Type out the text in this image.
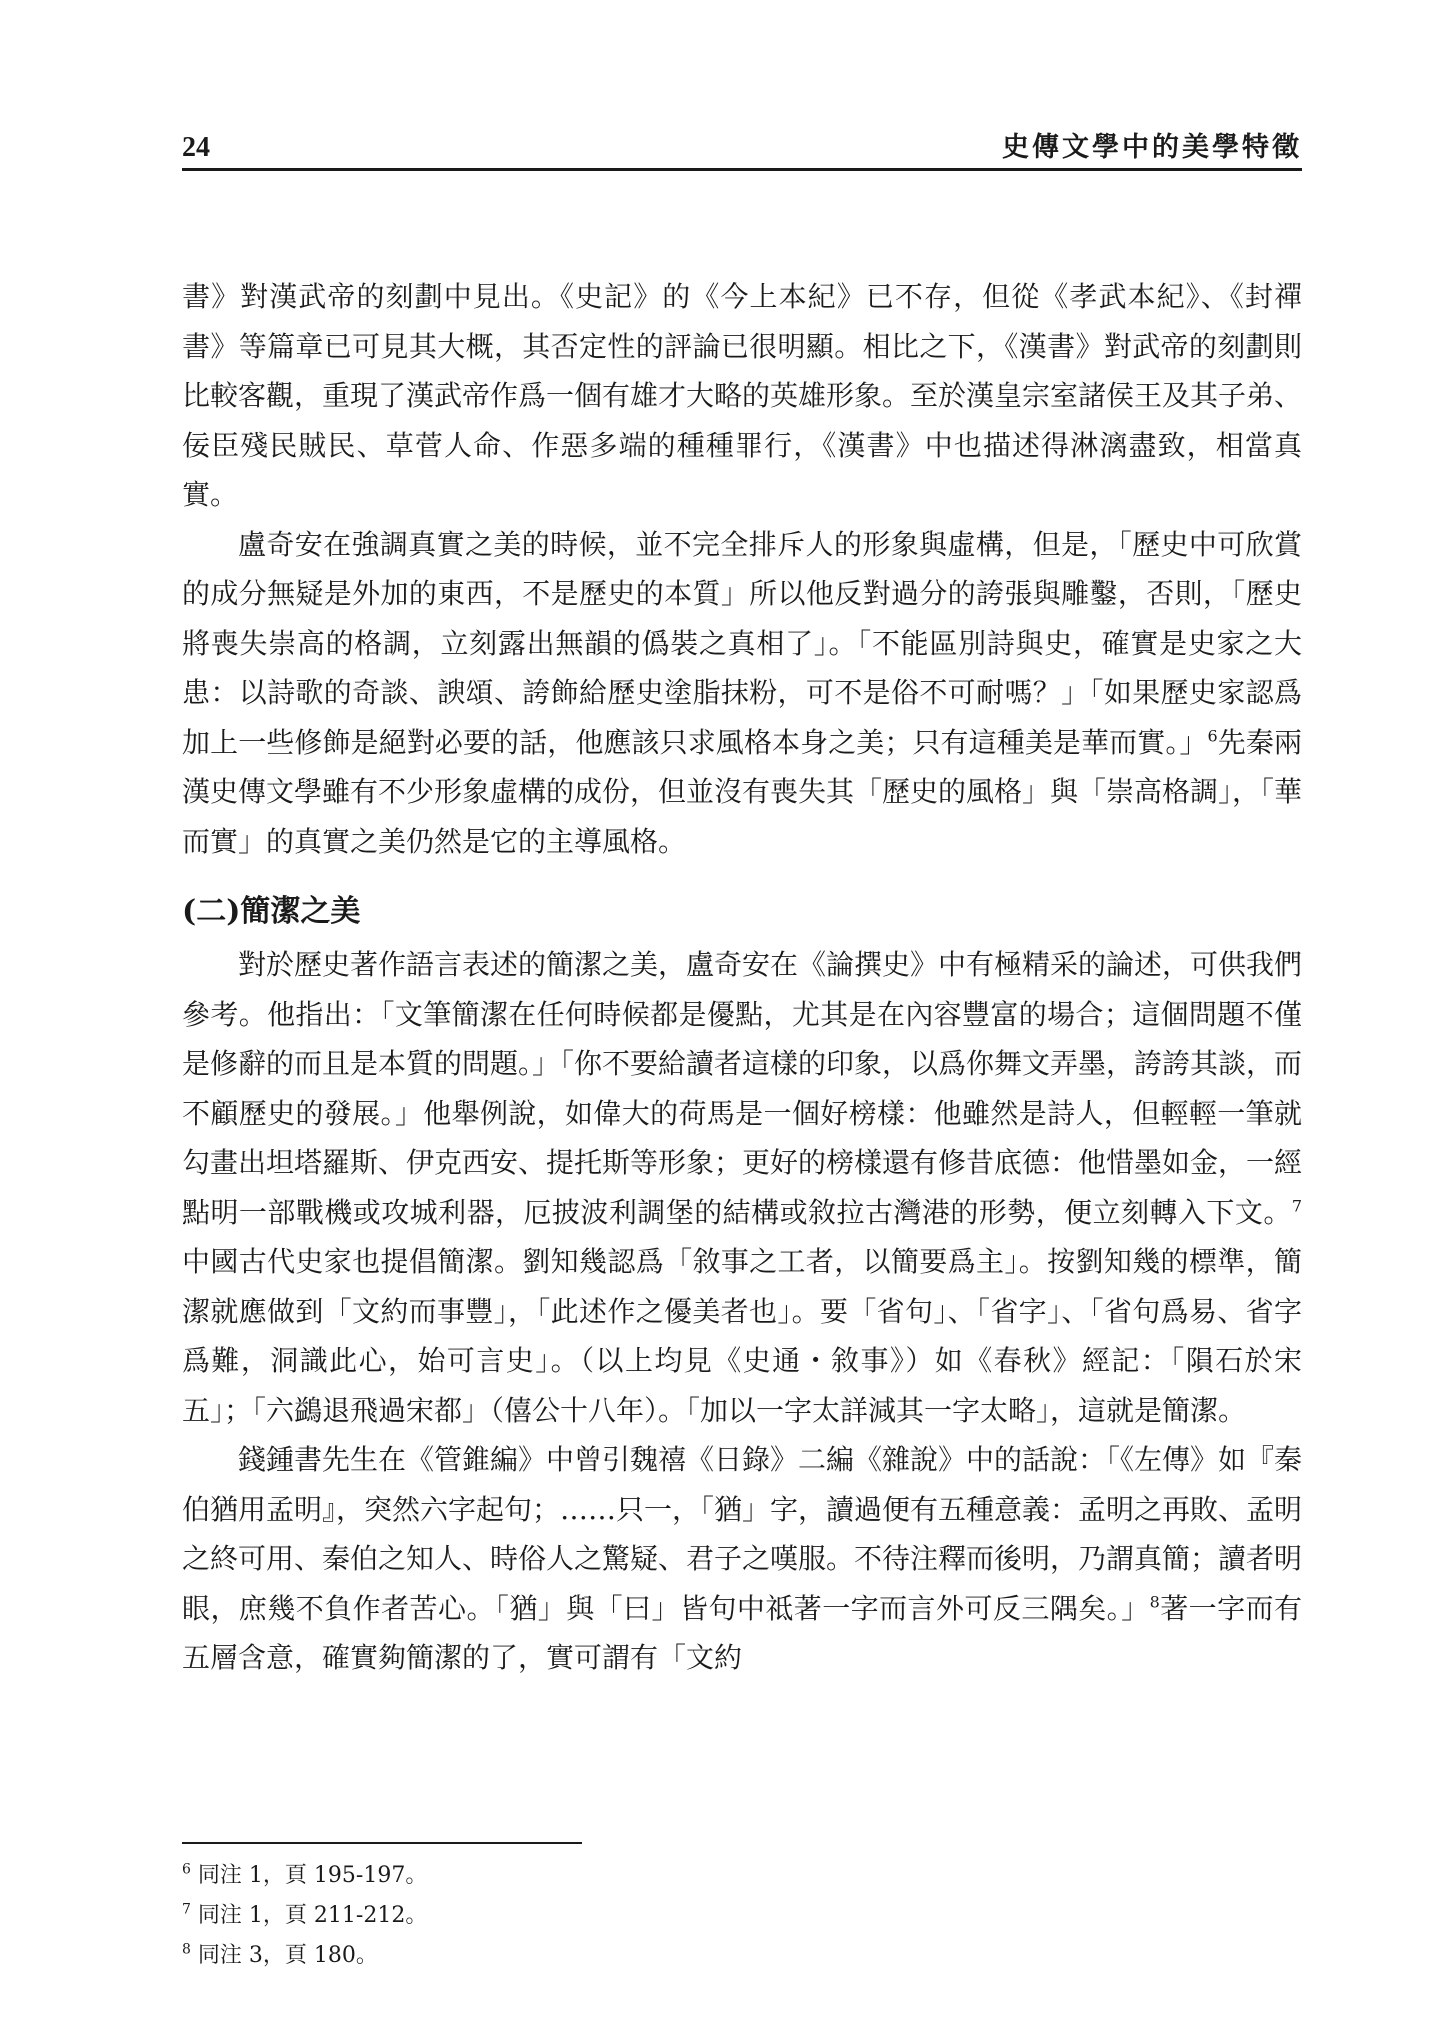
24	史傳文學中的美學特徵

書》對漢武帝的刻劃中見出。《史記》的《今上本紀》已不存，但從《孝武本紀》、《封禪書》等篇章已可見其大概，其否定性的評論已很明顯。相比之下，《漢書》對武帝的刻劃則比較客觀，重現了漢武帝作爲一個有雄才大略的英雄形象。至於漢皇宗室諸侯王及其子弟、佞臣殘民賊民、草菅人命、作惡多端的種種罪行，《漢書》中也描述得淋漓盡致，相當真實。

盧奇安在強調真實之美的時候，並不完全排斥人的形象與虛構，但是，「歷史中可欣賞的成分無疑是外加的東西，不是歷史的本質」所以他反對過分的誇張與雕鑿，否則，「歷史將喪失崇高的格調，立刻露出無韻的僞裝之真相了」。「不能區別詩與史，確實是史家之大患：以詩歌的奇談、諛頌、誇飾給歷史塗脂抹粉，可不是俗不可耐嗎？」「如果歷史家認爲加上一些修飾是絕對必要的話，他應該只求風格本身之美；只有這種美是華而實。」$^6$先秦兩漢史傳文學雖有不少形象虛構的成份，但並沒有喪失其「歷史的風格」與「崇高格調」，「華而實」的真實之美仍然是它的主導風格。

(二)簡潔之美

對於歷史著作語言表述的簡潔之美，盧奇安在《論撰史》中有極精采的論述，可供我們參考。他指出：「文筆簡潔在任何時候都是優點，尤其是在內容豐富的場合；這個問題不僅是修辭的而且是本質的問題。」「你不要給讀者這樣的印象，以爲你舞文弄墨，誇誇其談，而不顧歷史的發展。」他舉例說，如偉大的荷馬是一個好榜樣：他雖然是詩人，但輕輕一筆就勾畫出坦塔羅斯、伊克西安、提托斯等形象；更好的榜樣還有修昔底德：他惜墨如金，一經點明一部戰機或攻城利器，厄披波利調堡的結構或敘拉古灣港的形勢，便立刻轉入下文。$^7$中國古代史家也提倡簡潔。劉知幾認爲「敘事之工者，以簡要爲主」。按劉知幾的標準，簡潔就應做到「文約而事豐」，「此述作之優美者也」。要「省句」、「省字」、「省句爲易、省字爲難，洞識此心，始可言史」。（以上均見《史通・敘事》）如《春秋》經記：「隕石於宋五」；「六鷁退飛過宋都」（僖公十八年）。「加以一字太詳減其一字太略」，這就是簡潔。

錢鍾書先生在《管錐編》中曾引魏禧《日錄》二編《雜說》中的話說：「《左傳》如『秦伯猶用孟明』，突然六字起句；……只一，「猶」字，讀過便有五種意義：孟明之再敗、孟明之終可用、秦伯之知人、時俗人之驚疑、君子之嘆服。不待注釋而後明，乃謂真簡；讀者明眼，庶幾不負作者苦心。「猶」與「曰」皆句中祗著一字而言外可反三隅矣。」$^8$著一字而有五層含意，確實夠簡潔的了，實可謂有「文約

$^6$ 同注 1，頁 195-197。

$^7$ 同注 1，頁 211-212。

$^8$ 同注 3，頁 180。
